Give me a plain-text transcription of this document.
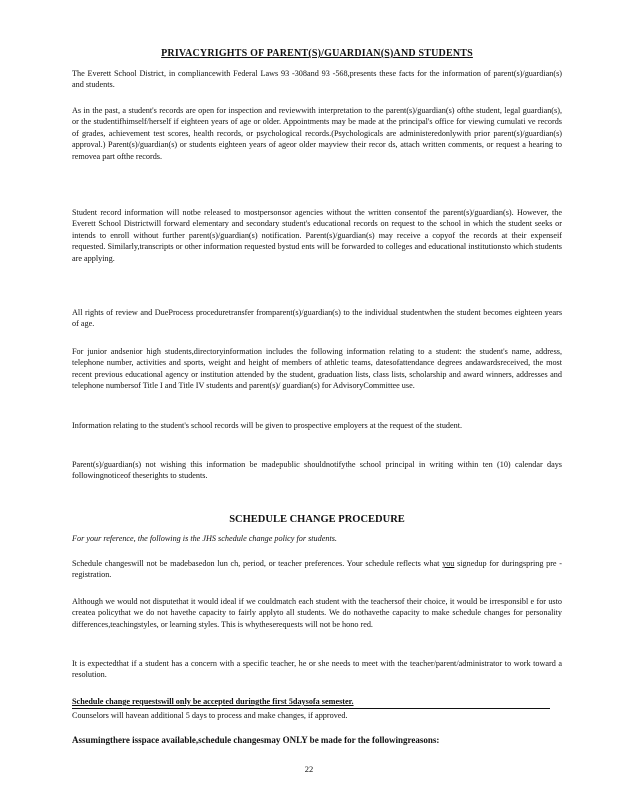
PRIVACYRIGHTS OF PARENT(S)/GUARDIAN(S)AND STUDENTS

The Everett School District, in compliancewith Federal Laws 93 -308and 93 -568,presents these facts for the information of parent(s)/guardian(s) and students.

As in the past, a student's records are open for inspection and reviewwith interpretation to the parent(s)/guardian(s) ofthe student, legal guardian(s), or the studentifhimself/herself if eighteen years of age or older. Appointments may be made at the principal's office for viewing cumulati ve records of grades, achievement test scores, health records, or psychological records.(Psychologicals are administeredonlywith prior parent(s)/guardian(s) approval.) Parent(s)/guardian(s) or students eighteen years of ageor older mayview their recor ds, attach written comments, or request a hearing to removea part ofthe records.

Student record information will notbe released to mostpersonsor agencies without the written consentof the parent(s)/guardian(s). However, the Everett School Districtwill forward elementary and secondary student's educational records on request to the school in which the student seeks or intends to enroll without further parent(s)/guardian(s) notification. Parent(s)/guardian(s) may receive a copyof the records at their expenseif requested. Similarly,transcripts or other information requested bystud ents will be forwarded to colleges and educational institutionsto which students are applying.

All rights of review and DueProcess proceduretransfer fromparent(s)/guardian(s) to the individual studentwhen the student becomes eighteen years of age.

For junior andsenior high students,directoryinformation includes the following information relating to a student: the student's name, address, telephone number, activities and sports, weight and height of members of athletic teams, datesofattendance degrees andawardsreceived, the most recent previous educational agency or institution attended by the student, graduation lists, class lists, scholarship and award winners, addresses and telephone numbersof Title I and Title IV students and parent(s)/ guardian(s) for AdvisoryCommittee use.

Information relating to the student's school records will be given to prospective employers at the request of the student.

Parent(s)/guardian(s) not wishing this information be madepublic shouldnotifythe school principal in writing within ten (10) calendar days followingnoticeof theserights to students.

SCHEDULE CHANGE PROCEDURE

For your reference, the following is the JHS schedule change policy for students.

Schedule changeswill not be madebasedon lun ch, period, or teacher preferences. Your schedule reflects what you signedup for duringspring pre -registration.

Although we would not disputethat it would ideal if we couldmatch each student with the teachersof their choice, it would be irresponsibl e for usto createa policythat we do not havethe capacity to fairly applyto all students. We do nothavethe capacity to make schedule changes for personality differences,teachingstyles, or learning styles. This is whytheserequests will not be hono red.

It is expectedthat if a student has a concern with a specific teacher, he or she needs to meet with the teacher/parent/administrator to work toward a resolution.

Schedule change requestswill only be accepted duringthe first 5daysofa semester.

Counselors will havean additional 5 days to process and make changes, if approved.

Assumingthere isspace available,schedule changesmay ONLY be made for the followingreasons:

22
